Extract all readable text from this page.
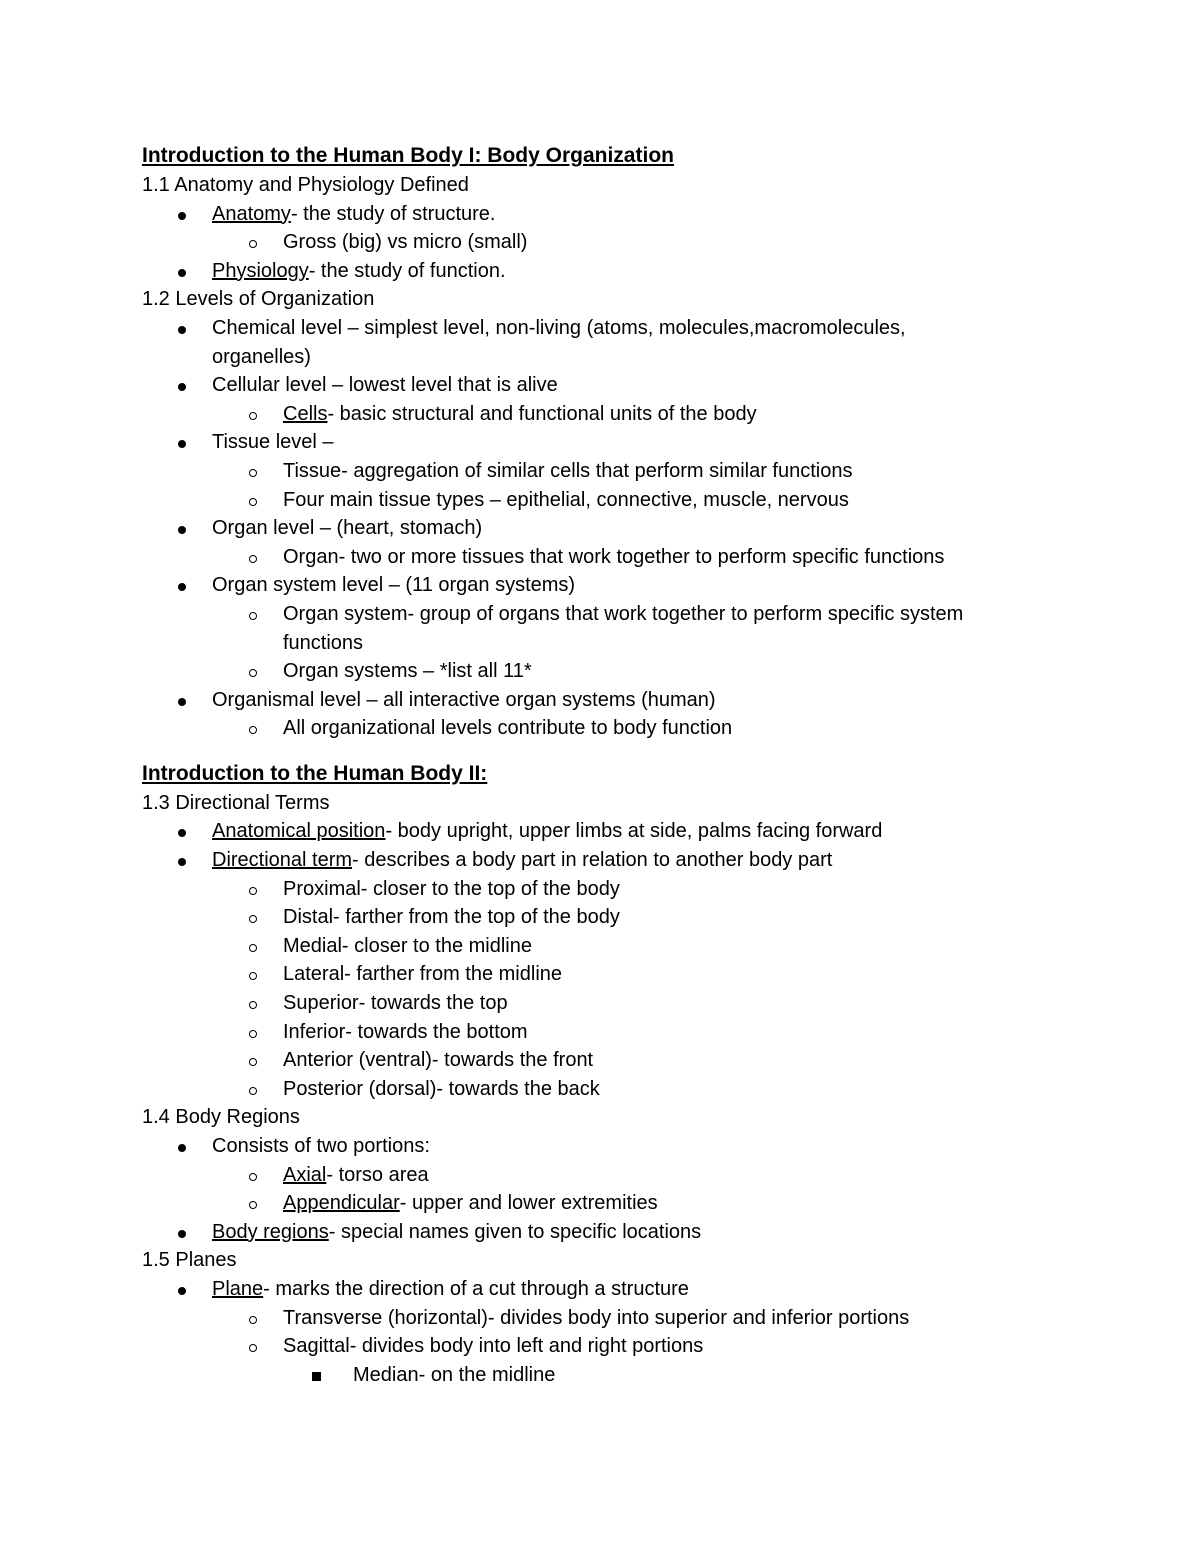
Introduction to the Human Body I: Body Organization
1.1 Anatomy and Physiology Defined
Anatomy- the study of structure.
Gross (big) vs micro (small)
Physiology- the study of function.
1.2 Levels of Organization
Chemical level – simplest level, non-living (atoms, molecules,macromolecules,
organelles)
Cellular level – lowest level that is alive
Cells- basic structural and functional units of the body
Tissue level –
Tissue- aggregation of similar cells that perform similar functions
Four main tissue types – epithelial, connective, muscle, nervous
Organ level – (heart, stomach)
Organ- two or more tissues that work together to perform specific functions
Organ system level – (11 organ systems)
Organ system- group of organs that work together to perform specific system
functions
Organ systems – *list all 11*
Organismal level – all interactive organ systems (human)
All organizational levels contribute to body function
Introduction to the Human Body II:
1.3 Directional Terms
Anatomical position- body upright, upper limbs at side, palms facing forward
Directional term- describes a body part in relation to another body part
Proximal- closer to the top of the body
Distal- farther from the top of the body
Medial- closer to the midline
Lateral- farther from the midline
Superior- towards the top
Inferior- towards the bottom
Anterior (ventral)- towards the front
Posterior (dorsal)- towards the back
1.4 Body Regions
Consists of two portions:
Axial- torso area
Appendicular- upper and lower extremities
Body regions- special names given to specific locations
1.5 Planes
Plane- marks the direction of a cut through a structure
Transverse (horizontal)- divides body into superior and inferior portions
Sagittal- divides body into left and right portions
Median- on the midline
